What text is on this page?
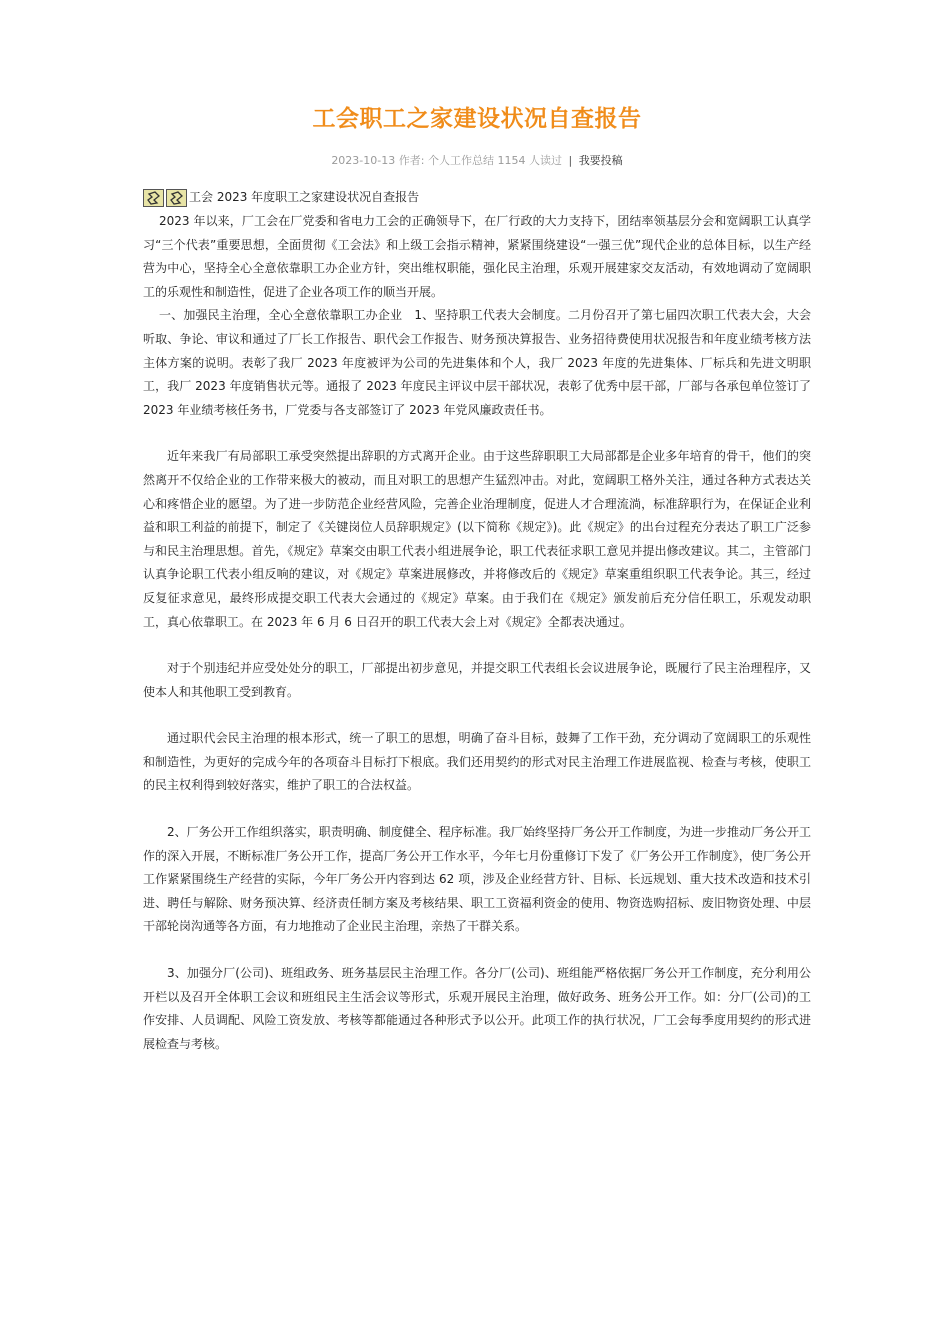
工会职工之家建设状况自查报告
2023-10-13 作者: 个人工作总结 1154 人读过 | 我要投稿
工会 2023 年度职工之家建设状况自查报告

2023 年以来，厂工会在厂党委和省电力工会的正确领导下，在厂行政的大力支持下，团结率领基层分会和宽阔职工认真学习“三个代表”重要思想，全面贯彻《工会法》和上级工会指示精神，紧紧围绕建设“一强三优”现代企业的总体目标，以生产经营为中心，坚持全心全意依靠职工办企业方针，突出维权职能，强化民主治理，乐观开展建家交友活动，有效地调动了宽阔职工的乐观性和制造性，促进了企业各项工作的顺当开展。

一、加强民主治理，全心全意依靠职工办企业　1、坚持职工代表大会制度。二月份召开了第七届四次职工代表大会，大会听取、争论、审议和通过了厂长工作报告、职代会工作报告、财务预决算报告、业务招待费使用状况报告和年度业绩考核方法主体方案的说明。表彰了我厂 2023 年度被评为公司的先进集体和个人，我厂 2023 年度的先进集体、厂标兵和先进文明职工，我厂 2023 年度销售状元等。通报了 2023 年度民主评议中层干部状况，表彰了优秀中层干部，厂部与各承包单位签订了 2023 年业绩考核任务书，厂党委与各支部签订了 2023 年党风廉政责任书。

近年来我厂有局部职工承受突然提出辞职的方式离开企业。由于这些辞职职工大局部都是企业多年培育的骨干，他们的突然离开不仅给企业的工作带来极大的被动，而且对职工的思想产生猛烈冲击。对此，宽阔职工格外关注，通过各种方式表达关心和疼惜企业的愿望。为了进一步防范企业经营风险，完善企业治理制度，促进人才合理流淌，标准辞职行为，在保证企业利益和职工利益的前提下，制定了《关键岗位人员辞职规定》(以下简称《规定》)。此《规定》的出台过程充分表达了职工广泛参与和民主治理思想。首先，《规定》草案交由职工代表小组进展争论，职工代表征求职工意见并提出修改建议。其二，主管部门认真争论职工代表小组反响的建议，对《规定》草案进展修改，并将修改后的《规定》草案重组织职工代表争论。其三，经过反复征求意见，最终形成提交职工代表大会通过的《规定》草案。由于我们在《规定》颁发前后充分信任职工，乐观发动职工，真心依靠职工。在 2023 年 6 月 6 日召开的职工代表大会上对《规定》全都表决通过。

对于个别违纪并应受处处分的职工，厂部提出初步意见，并提交职工代表组长会议进展争论，既履行了民主治理程序，又使本人和其他职工受到教育。

通过职代会民主治理的根本形式，统一了职工的思想，明确了奋斗目标，鼓舞了工作干劲，充分调动了宽阔职工的乐观性和制造性，为更好的完成今年的各项奋斗目标打下根底。我们还用契约的形式对民主治理工作进展监视、检查与考核，使职工的民主权利得到较好落实，维护了职工的合法权益。

2、厂务公开工作组织落实，职责明确、制度健全、程序标准。我厂始终坚持厂务公开工作制度，为进一步推动厂务公开工作的深入开展，不断标准厂务公开工作，提高厂务公开工作水平，今年七月份重修订下发了《厂务公开工作制度》，使厂务公开工作紧紧围绕生产经营的实际，今年厂务公开内容到达 62 项，涉及企业经营方针、目标、长远规划、重大技术改造和技术引进、聘任与解除、财务预决算、经济责任制方案及考核结果、职工工资福利资金的使用、物资选购招标、废旧物资处理、中层干部轮岗沟通等各方面，有力地推动了企业民主治理，亲热了干群关系。

3、加强分厂(公司)、班组政务、班务基层民主治理工作。各分厂(公司)、班组能严格依据厂务公开工作制度，充分利用公开栏以及召开全体职工会议和班组民主生活会议等形式，乐观开展民主治理，做好政务、班务公开工作。如：分厂(公司)的工作安排、人员调配、风险工资发放、考核等都能通过各种形式予以公开。此项工作的执行状况，厂工会每季度用契约的形式进展检查与考核。
